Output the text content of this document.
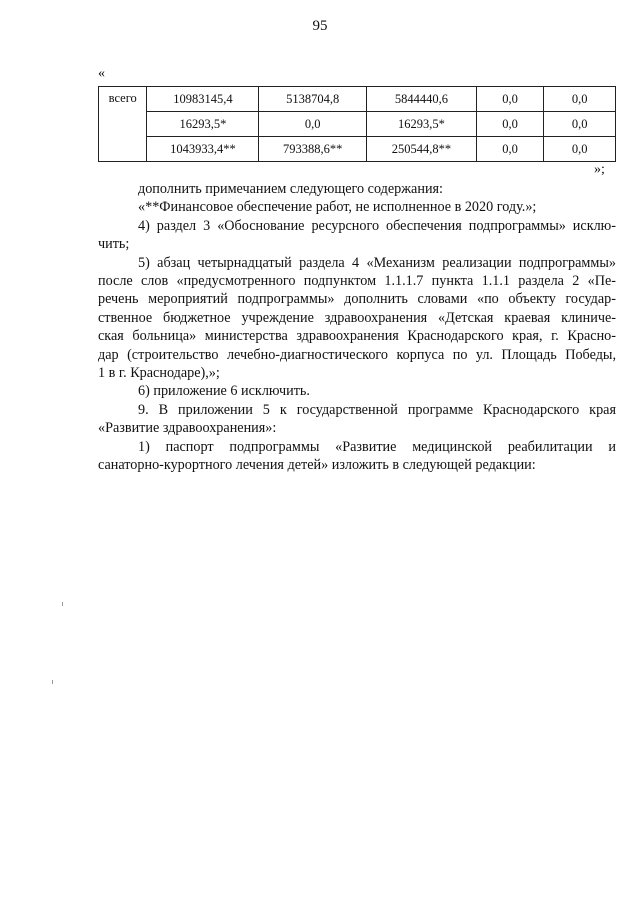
95
«
всего	10983145,4	5138704,8	5844440,6	0,0	0,0
	16293,5*	0,0	16293,5*	0,0	0,0
	1043933,4**	793388,6**	250544,8**	0,0	0,0
»;
дополнить примечанием следующего содержания:
«**Финансовое обеспечение работ, не исполненное в 2020 году.»;
4) раздел 3 «Обоснование ресурсного обеспечения подпрограммы» исклю-
чить;
5) абзац четырнадцатый раздела 4 «Механизм реализации подпрограммы»
после слов «предусмотренного подпунктом 1.1.1.7 пункта 1.1.1 раздела 2 «Пе-
речень мероприятий подпрограммы» дополнить словами «по объекту государ-
ственное бюджетное учреждение здравоохранения «Детская краевая клиниче-
ская больница» министерства здравоохранения Краснодарского края, г. Красно-
дар (строительство лечебно-диагностического корпуса по ул. Площадь Победы,
1 в г. Краснодаре),»;
6) приложение 6 исключить.
9. В приложении 5 к государственной программе Краснодарского края
«Развитие здравоохранения»:
1) паспорт подпрограммы «Развитие медицинской реабилитации и
санаторно-курортного лечения детей» изложить в следующей редакции:
